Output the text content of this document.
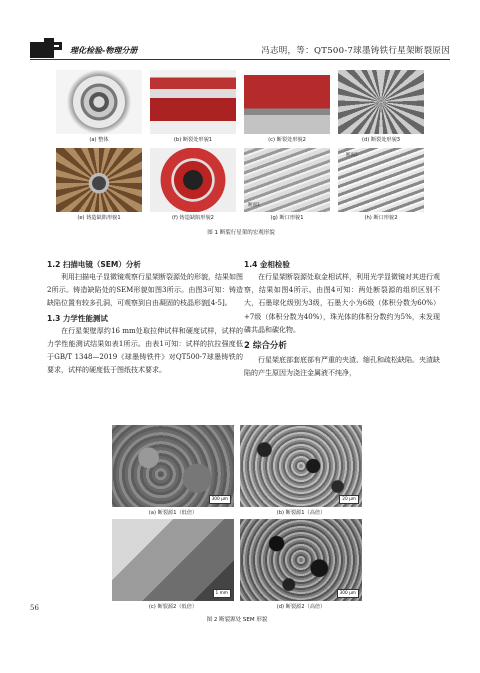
理化检验-物理分册	冯志明，等：QT500-7球墨铸铁行星架断裂原因
(a) 整体	(b) 断裂处形貌1	(c) 断裂处形貌2	(d) 断裂处形貌3
(e) 铸造缺陷形貌1	(f) 铸造缺陷形貌2
断面1
(g) 断口形貌1
断面2
(h) 断口形貌2
图 1 断裂行星架的宏观形貌
1.2 扫描电镜（SEM）分析

利用扫描电子显微镜观察行星架断裂源处的形貌，结果如图2所示。铸造缺陷处的SEM形貌如图3所示。由图3可知：铸造缺陷位置有较多孔洞，可观察到自由凝固的枝晶形貌[4-5]。

1.3 力学性能测试

在行星架壁厚约16 mm处取拉伸试样和硬度试样，试样的力学性能测试结果如表1所示。由表1可知：试样的抗拉强度低于GB/T 1348—2019《球墨铸铁件》对QT500-7球墨铸铁的要求，试样的硬度低于图纸技术要求。

1.4 金相检验

在行星架断裂源处取金相试样，利用光学显微镜对其进行观察，结果如图4所示。由图4可知：两处断裂源的组织区别不大，石墨球化级别为3级，石墨大小为6级（体积分数为60%）+7级（体积分数为40%），珠光体的体积分数约为5%，未发现磷共晶和碳化物。

2 综合分析

行星架底部套底部有严重的夹渣、缩孔和疏松缺陷。夹渣缺陷的产生原因为浇注金属液不纯净，

300 μm
(a) 断裂源1（低倍）
20 μm
(b) 断裂源1（高倍）
1 mm
(c) 断裂源2（低倍）
300 μm
(d) 断裂源2（高倍）
图 2 断裂源处 SEM 形貌
56
